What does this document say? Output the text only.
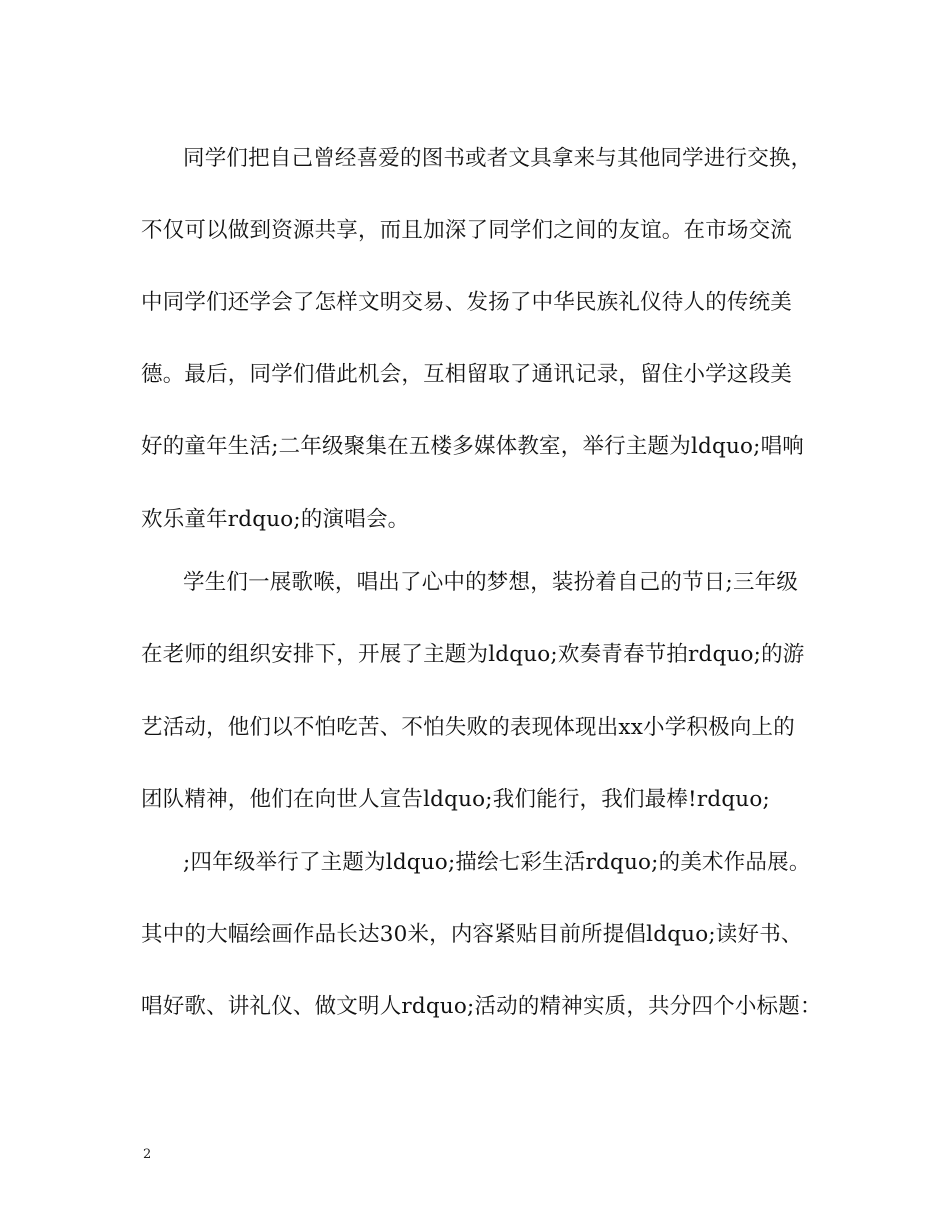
同学们把自己曾经喜爱的图书或者文具拿来与其他同学进行交换，
不仅可以做到资源共享，而且加深了同学们之间的友谊。在市场交流
中同学们还学会了怎样文明交易、发扬了中华民族礼仪待人的传统美
德。最后，同学们借此机会，互相留取了通讯记录，留住小学这段美
好的童年生活;二年级聚集在五楼多媒体教室，举行主题为ldquo;唱响
欢乐童年rdquo;的演唱会。
学生们一展歌喉，唱出了心中的梦想，装扮着自己的节日;三年级
在老师的组织安排下，开展了主题为ldquo;欢奏青春节拍rdquo;的游
艺活动，他们以不怕吃苦、不怕失败的表现体现出xx小学积极向上的
团队精神，他们在向世人宣告ldquo;我们能行，我们最棒!rdquo;
;四年级举行了主题为ldquo;描绘七彩生活rdquo;的美术作品展。
其中的大幅绘画作品长达30米，内容紧贴目前所提倡ldquo;读好书、
唱好歌、讲礼仪、做文明人rdquo;活动的精神实质，共分四个小标题：
2
